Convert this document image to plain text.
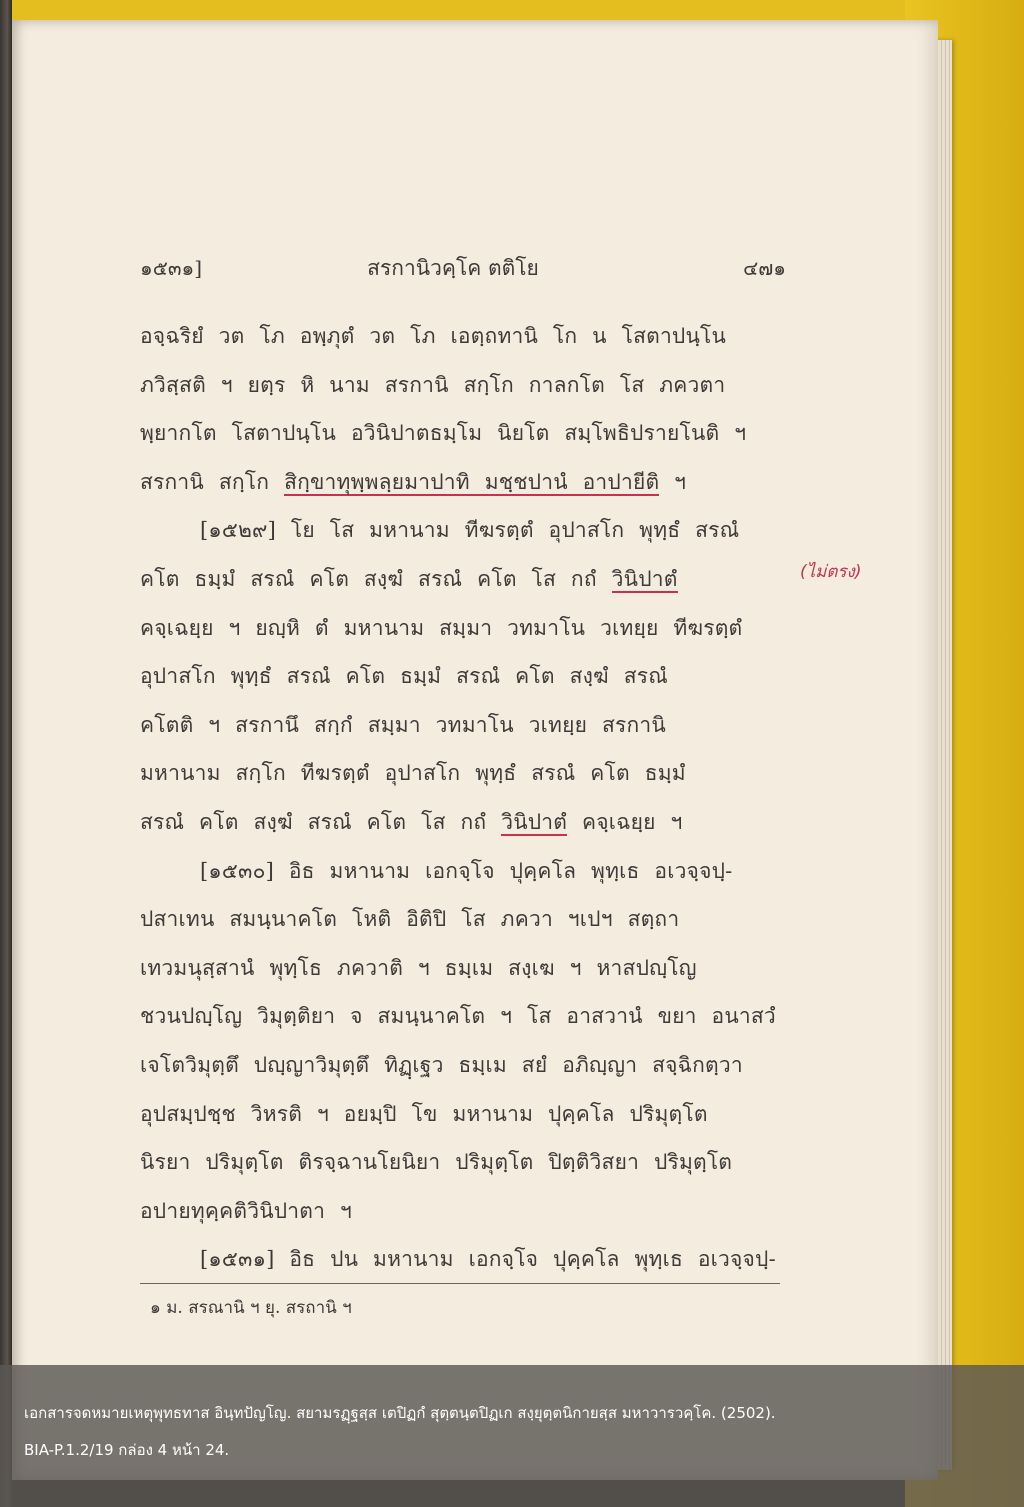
๑๕๓๑]	สรกานิวคฺโค ตติโย	๔๗๑
อจฺฉริยํ วต โภ อพฺภุตํ วต โภ เอตฺถทานิ โก น โสตาปนฺโน
ภวิสฺสติ ฯ ยตฺร หิ นาม สรกานิ สกฺโก กาลกโต โส ภควตา
พฺยากโต โสตาปนฺโน อวินิปาตธมฺโม นิยโต สมฺโพธิปรายโนติ ฯ
สรกานิ สกฺโก สิกฺขาทุพฺพลฺยมาปาทิ มชฺชปานํ อาปายีติ ฯ
[๑๕๒๙] โย โส มหานาม ทีฆรตฺตํ อุปาสโก พุทฺธํ สรณํ
คโต ธมฺมํ สรณํ คโต สงฺฆํ สรณํ คโต โส กถํ วินิปาตํ
คจฺเฉยฺย ฯ ยญฺหิ ตํ มหานาม สมฺมา วทมาโน วเทยฺย ทีฆรตฺตํ
อุปาสโก พุทฺธํ สรณํ คโต ธมฺมํ สรณํ คโต สงฺฆํ สรณํ
คโตติ ฯ สรกานึ สกฺกํ สมฺมา วทมาโน วเทยฺย สรกานิ
มหานาม สกฺโก ทีฆรตฺตํ อุปาสโก พุทฺธํ สรณํ คโต ธมฺมํ
สรณํ คโต สงฺฆํ สรณํ คโต โส กถํ วินิปาตํ คจฺเฉยฺย ฯ
[๑๕๓๐] อิธ มหานาม เอกจฺโจ ปุคฺคโล พุทฺเธ อเวจฺจปฺ-
ปสาเทน สมนฺนาคโต โหติ อิติปิ โส ภควา ฯเปฯ สตฺถา
เทวมนุสฺสานํ พุทฺโธ ภควาติ ฯ ธมฺเม สงฺเฆ ฯ หาสปญฺโญ
ชวนปญฺโญ วิมุตฺติยา จ สมนฺนาคโต ฯ โส อาสวานํ ขยา อนาสวํ
เจโตวิมุตฺตึ ปญฺญาวิมุตฺตึ ทิฏฺเฐว ธมฺเม สยํ อภิญฺญา สจฺฉิกตฺวา
อุปสมฺปชฺช วิหรติ ฯ อยมฺปิ โข มหานาม ปุคฺคโล ปริมุตฺโต
นิรยา ปริมุตฺโต ติรจฺฉานโยนิยา ปริมุตฺโต ปิตฺติวิสยา ปริมุตฺโต
อปายทุคฺคติวินิปาตา ฯ
[๑๕๓๑] อิธ ปน มหานาม เอกจฺโจ ปุคฺคโล พุทฺเธ อเวจฺจปฺ-
(ไม่ตรง)
๑ ม. สรณานิ ฯ ยุ. สรถานิ ฯ
เอกสารจดหมายเหตุพุทธทาส อินฺทปัญโญ. สยามรฏฺฐสฺส เตปิฏกํ สุตฺตนฺตปิฏเก สงฺยุตฺตนิกายสฺส มหาวารวคฺโค. (2502).
BIA-P.1.2/19 กล่อง 4 หน้า 24.
